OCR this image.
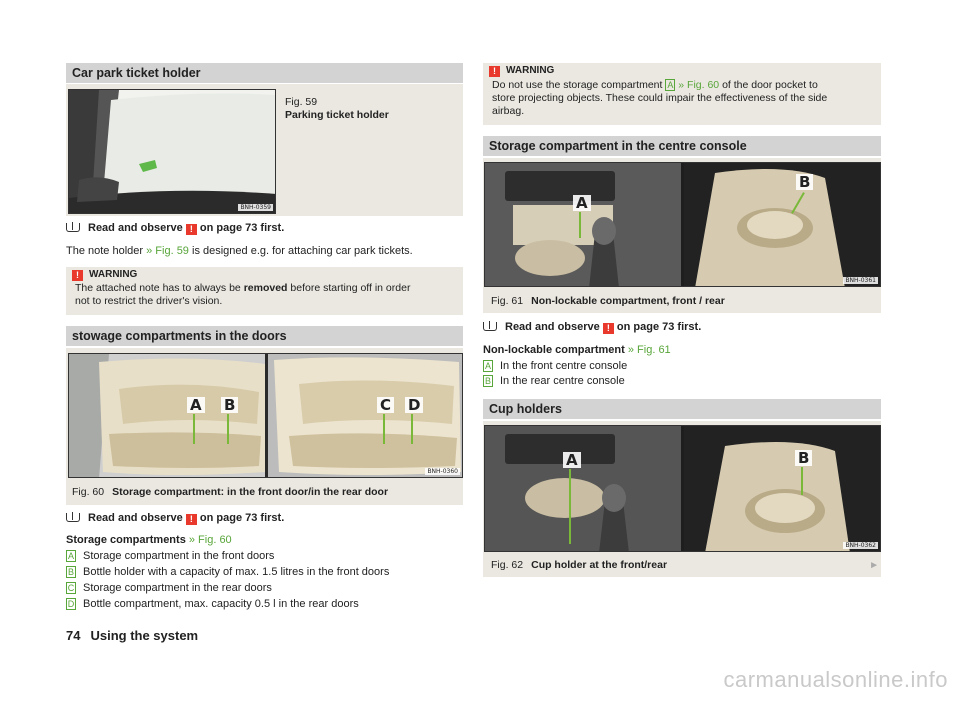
Car park ticket holder
BNH-0359
Fig. 59
Parking ticket holder
Read and observe ! on page 73 first.
The note holder » Fig. 59 is designed e.g. for attaching car park tickets.
! WARNING
The attached note has to always be removed before starting off in order
not to restrict the driver's vision.
stowage compartments in the doors
A B	C D
BNH-0360
Fig. 60 Storage compartment: in the front door/in the rear door
Read and observe ! on page 73 first.
Storage compartments » Fig. 60
A Storage compartment in the front doors
B Bottle holder with a capacity of max. 1.5 litres in the front doors
C Storage compartment in the rear doors
D Bottle compartment, max. capacity 0.5 l in the rear doors
! WARNING
Do not use the storage compartment A » Fig. 60 of the door pocket to
store projecting objects. These could impair the effectiveness of the side
airbag.
Storage compartment in the centre console
A
B
BNH-0361
Fig. 61 Non-lockable compartment, front / rear
Read and observe ! on page 73 first.
Non-lockable compartment » Fig. 61
A In the front centre console
B In the rear centre console
Cup holders
A	B
BNH-0362
Fig. 62 Cup holder at the front/rear	►
74 Using the system
carmanualsonline.info
